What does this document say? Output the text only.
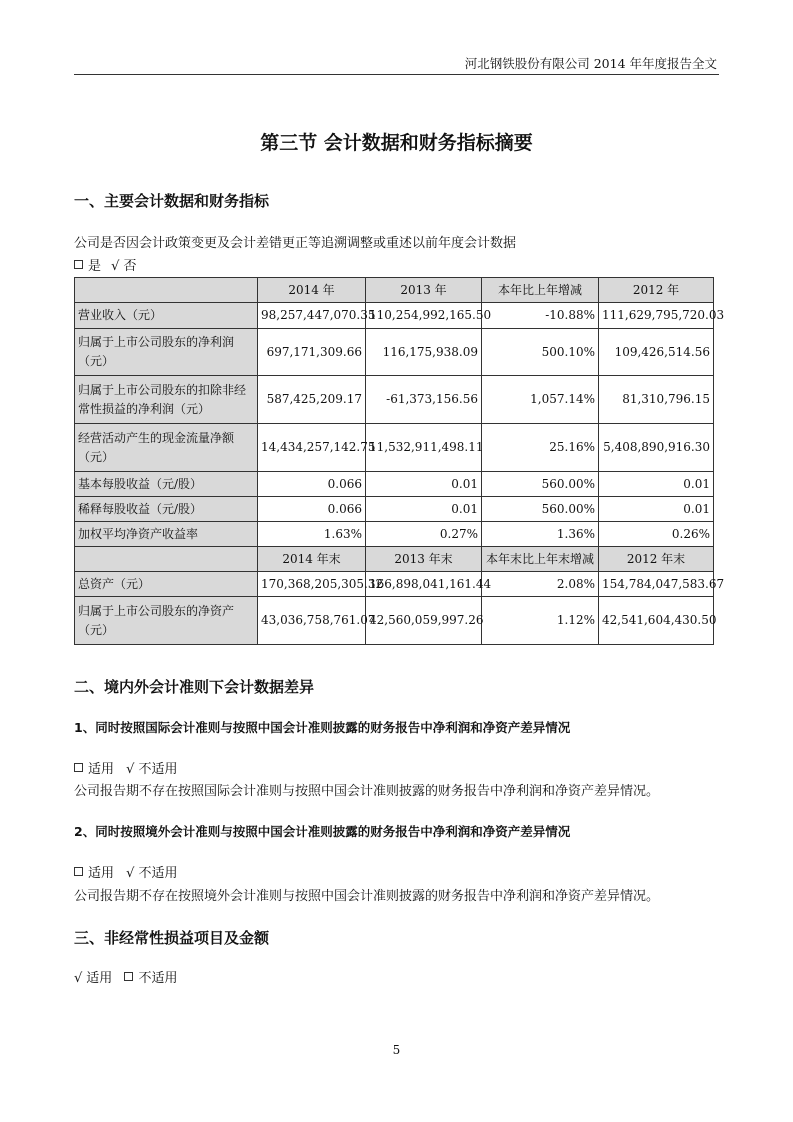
河北钢铁股份有限公司 2014 年年度报告全文
第三节 会计数据和财务指标摘要
一、主要会计数据和财务指标
公司是否因会计政策变更及会计差错更正等追溯调整或重述以前年度会计数据
是 √ 否
	2014 年	2013 年	本年比上年增减	2012 年
营业收入（元）	98,257,447,070.35	110,254,992,165.50	-10.88%	111,629,795,720.03
归属于上市公司股东的净利润（元）	697,171,309.66	116,175,938.09	500.10%	109,426,514.56
归属于上市公司股东的扣除非经常性损益的净利润（元）	587,425,209.17	-61,373,156.56	1,057.14%	81,310,796.15
经营活动产生的现金流量净额（元）	14,434,257,142.75	11,532,911,498.11	25.16%	5,408,890,916.30
基本每股收益（元/股）	0.066	0.01	560.00%	0.01
稀释每股收益（元/股）	0.066	0.01	560.00%	0.01
加权平均净资产收益率	1.63%	0.27%	1.36%	0.26%
	2014 年末	2013 年末	本年末比上年末增减	2012 年末
总资产（元）	170,368,205,305.32	166,898,041,161.44	2.08%	154,784,047,583.67
归属于上市公司股东的净资产（元）	43,036,758,761.07	42,560,059,997.26	1.12%	42,541,604,430.50
二、境内外会计准则下会计数据差异
1、同时按照国际会计准则与按照中国会计准则披露的财务报告中净利润和净资产差异情况
适用 √ 不适用
公司报告期不存在按照国际会计准则与按照中国会计准则披露的财务报告中净利润和净资产差异情况。
2、同时按照境外会计准则与按照中国会计准则披露的财务报告中净利润和净资产差异情况
适用 √ 不适用
公司报告期不存在按照境外会计准则与按照中国会计准则披露的财务报告中净利润和净资产差异情况。
三、非经常性损益项目及金额
√ 适用 不适用
5
